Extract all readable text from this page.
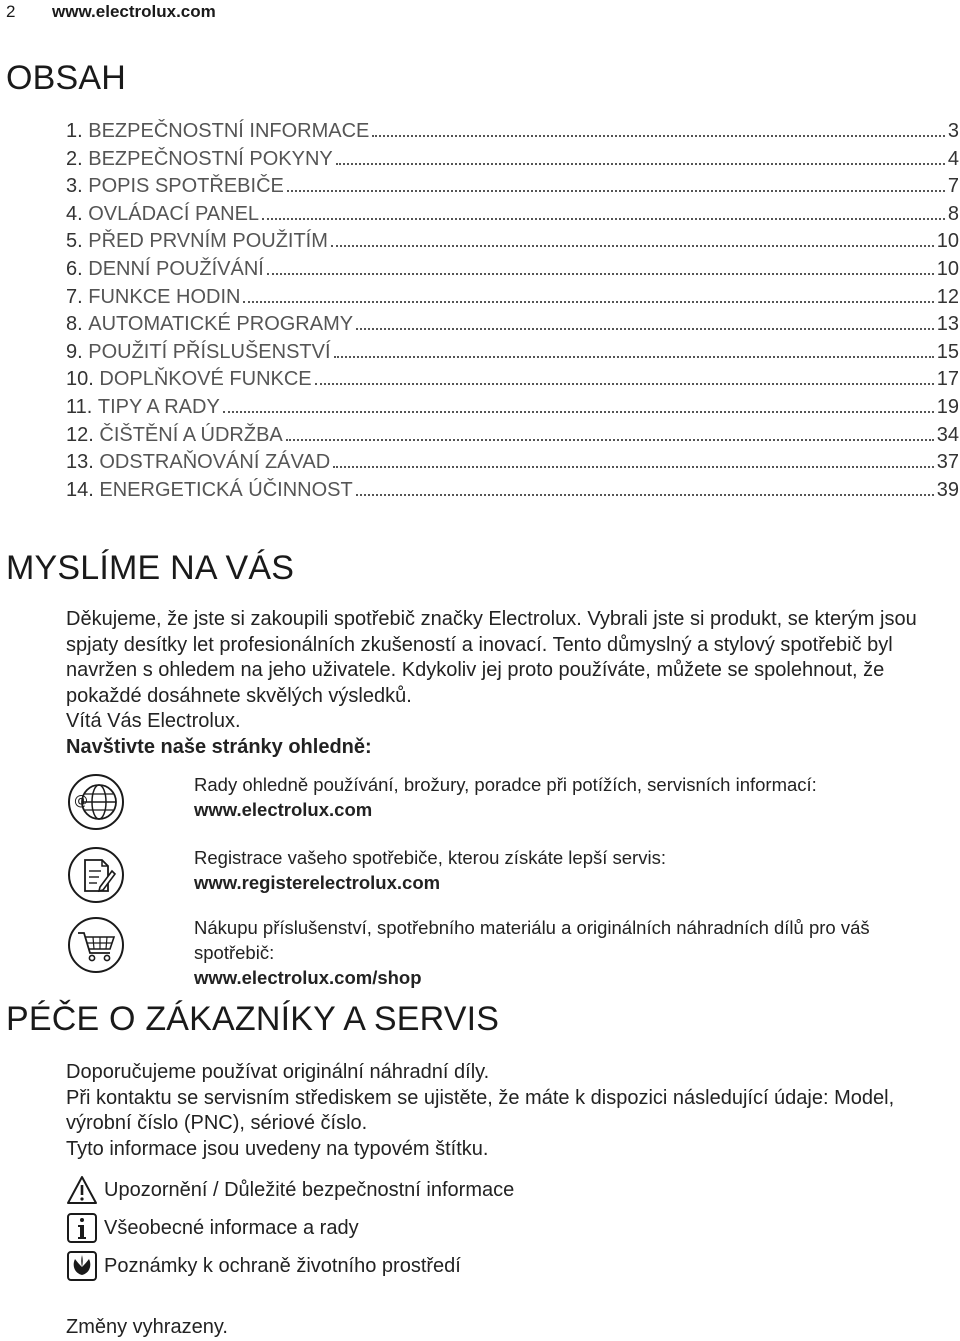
2 www.electrolux.com
OBSAH
1.
BEZPEČNOSTNÍ INFORMACE	3
2.
BEZPEČNOSTNÍ POKYNY	4
3.
POPIS SPOTŘEBIČE	7
4.
OVLÁDACÍ PANEL	8
5.
PŘED PRVNÍM POUŽITÍM	10
6.
DENNÍ POUŽÍVÁNÍ	10
7.
FUNKCE HODIN	12
8.
AUTOMATICKÉ PROGRAMY	13
9.
POUŽITÍ PŘÍSLUŠENSTVÍ	15
10.
DOPLŇKOVÉ FUNKCE	17
11.
TIPY A RADY	19
12.
ČIŠTĚNÍ A ÚDRŽBA	34
13.
ODSTRAŇOVÁNÍ ZÁVAD	37
14.
ENERGETICKÁ ÚČINNOST	39
MYSLÍME NA VÁS

Děkujeme, že jste si zakoupili spotřebič značky Electrolux. Vybrali jste si produkt, se kterým jsou spjaty desítky let profesionálních zkušeností a inovací. Tento důmyslný a stylový spotřebič byl navržen s ohledem na jeho uživatele. Kdykoliv jej proto používáte, můžete se spolehnout, že pokaždé dosáhnete skvělých výsledků.
Vítá Vás Electrolux.
Navštivte naše stránky ohledně:

@
Rady ohledně používání, brožury, poradce při potížích, servisních informací:
www.electrolux.com
Registrace vašeho spotřebiče, kterou získáte lepší servis:
www.registerelectrolux.com
Nákupu příslušenství, spotřebního materiálu a originálních náhradních dílů pro váš spotřebič:
www.electrolux.com/shop
PÉČE O ZÁKAZNÍKY A SERVIS

Doporučujeme používat originální náhradní díly.
Při kontaktu se servisním střediskem se ujistěte, že máte k dispozici následující údaje: Model, výrobní číslo (PNC), sériové číslo.
Tyto informace jsou uvedeny na typovém štítku.

Upozornění / Důležité bezpečnostní informace
Všeobecné informace a rady
Poznámky k ochraně životního prostředí
Změny vyhrazeny.
